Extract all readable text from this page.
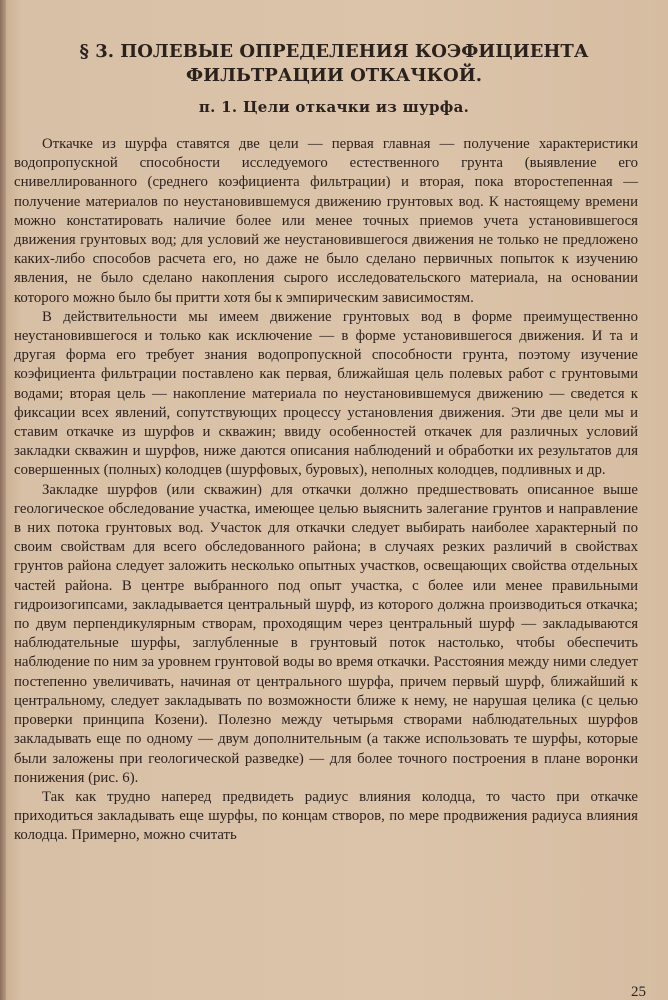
§ 3. ПОЛЕВЫЕ ОПРЕДЕЛЕНИЯ КОЭФИЦИЕНТА ФИЛЬТРАЦИИ ОТКАЧКОЙ.
п. 1. Цели откачки из шурфа.

Откачке из шурфа ставятся две цели — первая главная — получение характеристики водопропускной способности исследуемого естественного грунта (выявление его снивеллированного (среднего коэфициента фильтрации) и вторая, пока второстепенная — получение материалов по неустановившемуся движению грунтовых вод. К настоящему времени можно констатировать наличие более или менее точных приемов учета установившегося движения грунтовых вод; для условий же неустановившегося движения не только не предложено каких-либо способов расчета его, но даже не было сделано первичных попыток к изучению явления, не было сделано накопления сырого исследовательского материала, на основании которого можно было бы притти хотя бы к эмпирическим зависимостям.

В действительности мы имеем движение грунтовых вод в форме преимущественно неустановившегося и только как исключение — в форме установившегося движения. И та и другая форма его требует знания водопропускной способности грунта, поэтому изучение коэфициента фильтрации поставлено как первая, ближайшая цель полевых работ с грунтовыми водами; вторая цель — накопление материала по неустановившемуся движению — сведется к фиксации всех явлений, сопутствующих процессу установления движения. Эти две цели мы и ставим откачке из шурфов и скважин; ввиду особенностей откачек для различных условий закладки скважин и шурфов, ниже даются описания наблюдений и обработки их результатов для совершенных (полных) колодцев (шурфовых, буровых), неполных колодцев, подливных и др.

Закладке шурфов (или скважин) для откачки должно предшествовать описанное выше геологическое обследование участка, имеющее целью выяснить залегание грунтов и направление в них потока грунтовых вод. Участок для откачки следует выбирать наиболее характерный по своим свойствам для всего обследованного района; в случаях резких различий в свойствах грунтов района следует заложить несколько опытных участков, освещающих свойства отдельных частей района. В центре выбранного под опыт участка, с более или менее правильными гидроизогипсами, закладывается центральный шурф, из которого должна производиться откачка; по двум перпендикулярным створам, проходящим через центральный шурф — закладываются наблюдательные шурфы, заглубленные в грунтовый поток настолько, чтобы обеспечить наблюдение по ним за уровнем грунтовой воды во время откачки. Расстояния между ними следует постепенно увеличивать, начиная от центрального шурфа, причем первый шурф, ближайший к центральному, следует закладывать по возможности ближе к нему, не нарушая целика (с целью проверки принципа Козени). Полезно между четырьмя створами наблюдательных шурфов закладывать еще по одному — двум дополнительным (а также использовать те шурфы, которые были заложены при геологической разведке) — для более точного построения в плане воронки понижения (рис. 6).

Так как трудно наперед предвидеть радиус влияния колодца, то часто при откачке приходиться закладывать еще шурфы, по концам створов, по мере продвижения радиуса влияния колодца. Примерно, можно считать

25
